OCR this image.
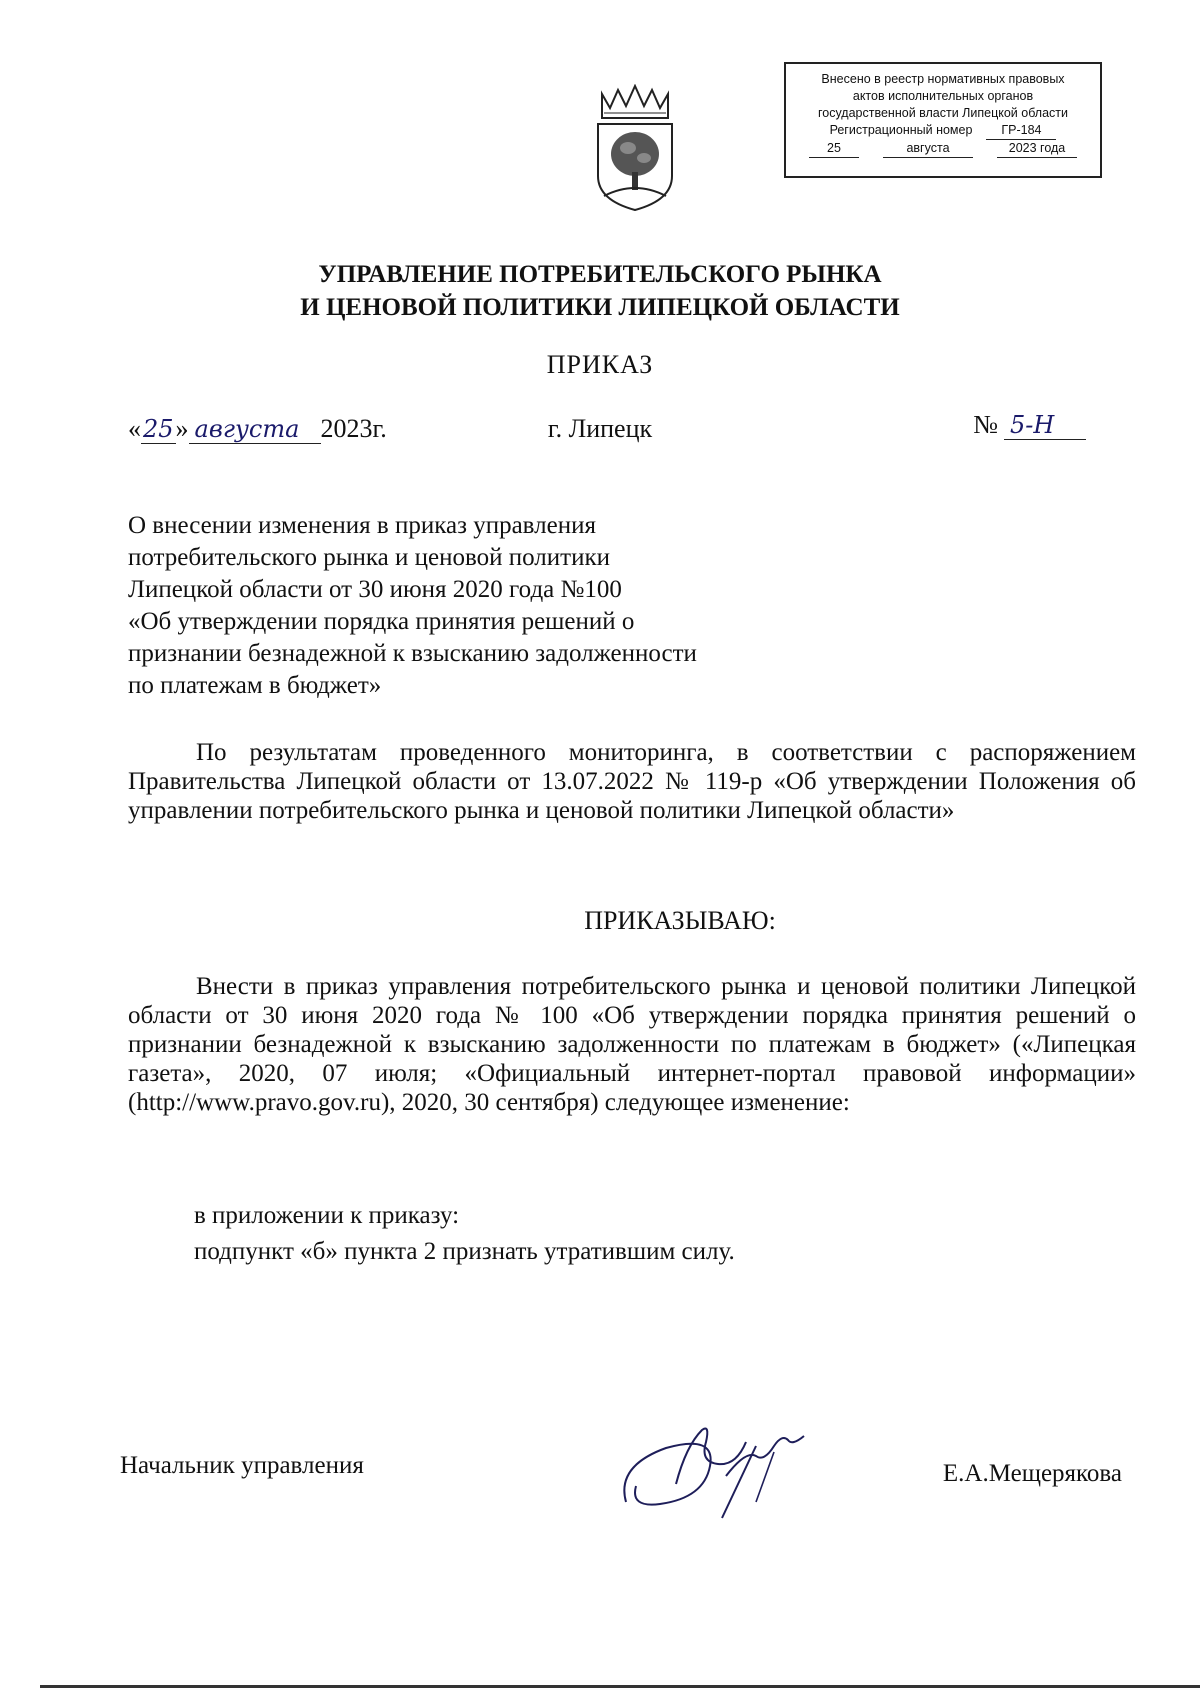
Внесено в реестр нормативных правовых
актов исполнительных органов
государственной власти Липецкой области
Регистрационный номер	ГР-184
25	августа	2023 года
УПРАВЛЕНИЕ ПОТРЕБИТЕЛЬСКОГО РЫНКА
И ЦЕНОВОЙ ПОЛИТИКИ ЛИПЕЦКОЙ ОБЛАСТИ
ПРИКАЗ
« 25 » августа 2023г.	г. Липецк	№ 5-Н
О внесении изменения в приказ управления
потребительского рынка и ценовой политики
Липецкой области от 30 июня 2020 года №100
«Об утверждении порядка принятия решений о
признании безнадежной к взысканию задолженности
по платежам в бюджет»
По результатам проведенного мониторинга, в соответствии с распоряжением Правительства Липецкой области от 13.07.2022 № 119-р «Об утверждении Положения об управлении потребительского рынка и ценовой политики Липецкой области»
ПРИКАЗЫВАЮ:
Внести в приказ управления потребительского рынка и ценовой политики Липецкой области от 30 июня 2020 года № 100 «Об утверждении порядка принятия решений о признании безнадежной к взысканию задолженности по платежам в бюджет» («Липецкая газета», 2020, 07 июля; «Официальный интернет-портал правовой информации» (http://www.pravo.gov.ru), 2020, 30 сентября) следующее изменение:
в приложении к приказу:
подпункт «б» пункта 2 признать утратившим силу.
Начальник управления	Е.А.Мещерякова
